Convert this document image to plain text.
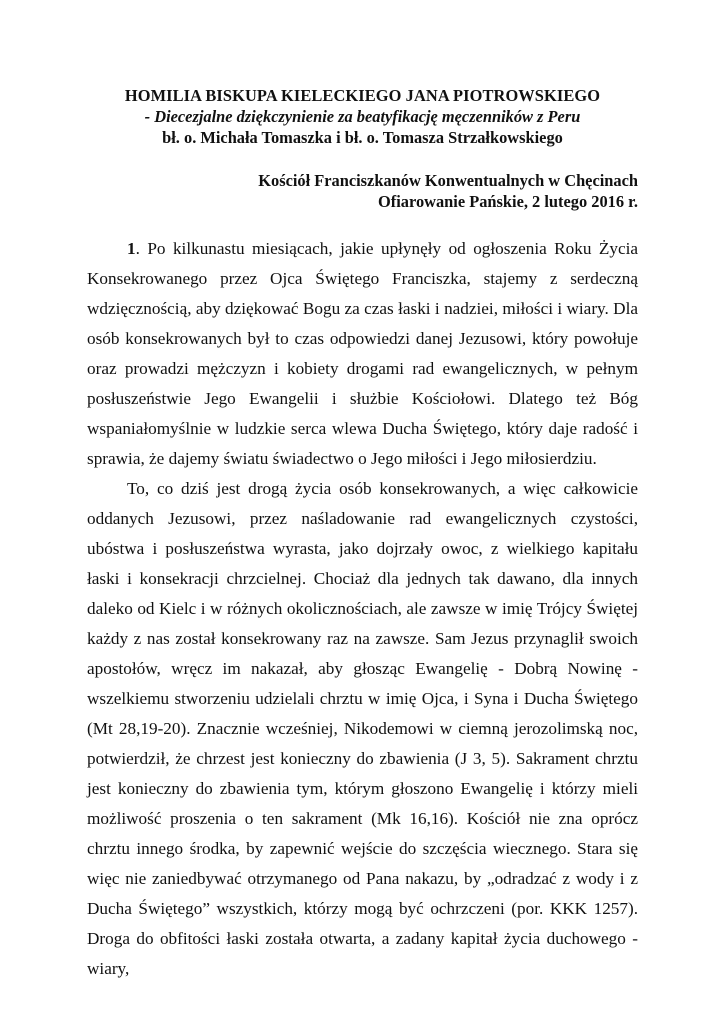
HOMILIA BISKUPA KIELECKIEGO JANA PIOTROWSKIEGO
- Diecezjalne dziękczynienie za beatyfikację męczenników z Peru
bł. o. Michała Tomaszka i bł. o. Tomasza Strzałkowskiego
Kościół Franciszkanów Konwentualnych w Chęcinach
Ofiarowanie Pańskie, 2 lutego 2016 r.

1. Po kilkunastu miesiącach, jakie upłynęły od ogłoszenia Roku Życia Konsekrowanego przez Ojca Świętego Franciszka, stajemy z serdeczną wdzięcznością, aby dziękować Bogu za czas łaski i nadziei, miłości i wiary. Dla osób konsekrowanych był to czas odpowiedzi danej Jezusowi, który powołuje oraz prowadzi mężczyzn i kobiety drogami rad ewangelicznych, w pełnym posłuszeństwie Jego Ewangelii i służbie Kościołowi. Dlatego też Bóg wspaniałomyślnie w ludzkie serca wlewa Ducha Świętego, który daje radość i sprawia, że dajemy światu świadectwo o Jego miłości i Jego miłosierdziu.

To, co dziś jest drogą życia osób konsekrowanych, a więc całkowicie oddanych Jezusowi, przez naśladowanie rad ewangelicznych czystości, ubóstwa i posłuszeństwa wyrasta, jako dojrzały owoc, z wielkiego kapitału łaski i konsekracji chrzcielnej. Chociaż dla jednych tak dawano, dla innych daleko od Kielc i w różnych okolicznościach, ale zawsze w imię Trójcy Świętej każdy z nas został konsekrowany raz na zawsze. Sam Jezus przynaglił swoich apostołów, wręcz im nakazał, aby głosząc Ewangelię - Dobrą Nowinę - wszelkiemu stworzeniu udzielali chrztu w imię Ojca, i Syna i Ducha Świętego (Mt 28,19-20). Znacznie wcześniej, Nikodemowi w ciemną jerozolimską noc, potwierdził, że chrzest jest konieczny do zbawienia (J 3, 5). Sakrament chrztu jest konieczny do zbawienia tym, którym głoszono Ewangelię i którzy mieli możliwość proszenia o ten sakrament (Mk 16,16). Kościół nie zna oprócz chrztu innego środka, by zapewnić wejście do szczęścia wiecznego. Stara się więc nie zaniedbywać otrzymanego od Pana nakazu, by „odradzać z wody i z Ducha Świętego” wszystkich, którzy mogą być ochrzczeni (por. KKK 1257). Droga do obfitości łaski została otwarta, a zadany kapitał życia duchowego - wiary,
